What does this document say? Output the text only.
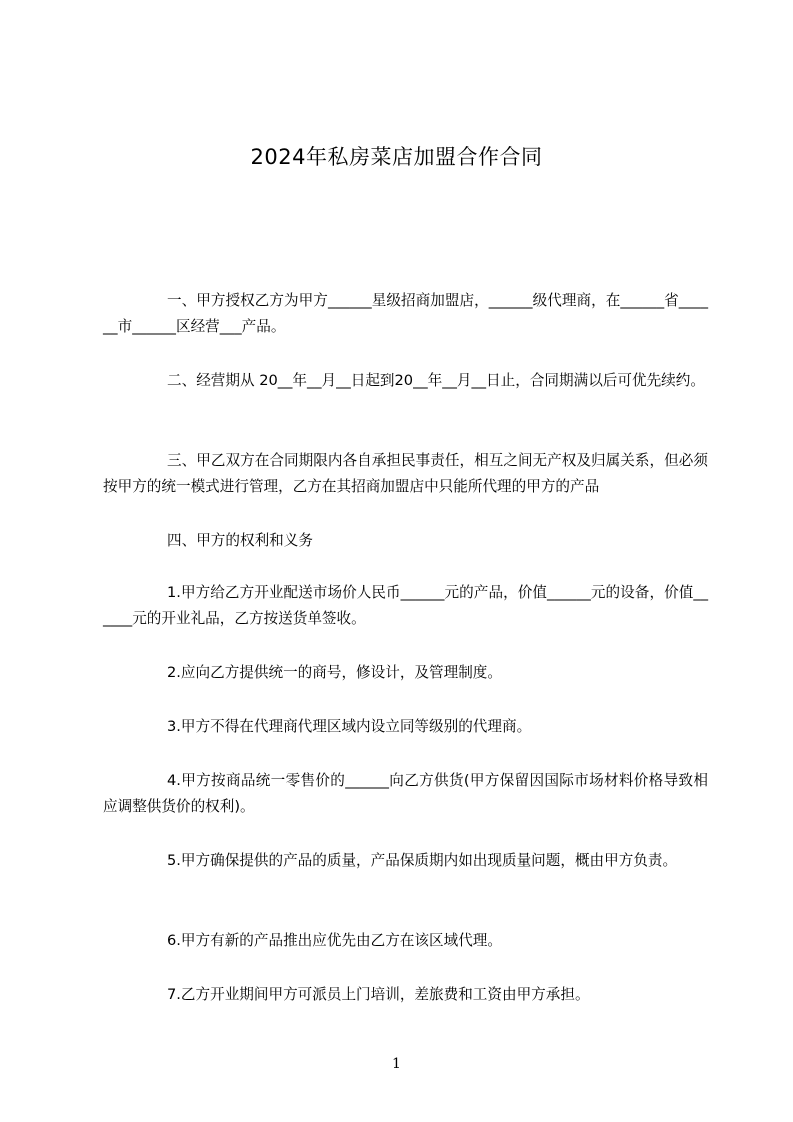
2024年私房菜店加盟合作合同
一、甲方授权乙方为甲方______星级招商加盟店，______级代理商，在______省______市______区经营___产品。
二、经营期从 20__年__月__日起到20__年__月__日止，合同期满以后可优先续约。
三、甲乙双方在合同期限内各自承担民事责任，相互之间无产权及归属关系，但必须按甲方的统一模式进行管理，乙方在其招商加盟店中只能所代理的甲方的产品
四、甲方的权利和义务
1.甲方给乙方开业配送市场价人民币______元的产品，价值______元的设备，价值______元的开业礼品，乙方按送货单签收。
2.应向乙方提供统一的商号，修设计，及管理制度。
3.甲方不得在代理商代理区域内设立同等级别的代理商。
4.甲方按商品统一零售价的______向乙方供货(甲方保留因国际市场材料价格导致相应调整供货价的权利)。
5.甲方确保提供的产品的质量，产品保质期内如出现质量问题，概由甲方负责。
6.甲方有新的产品推出应优先由乙方在该区域代理。
7.乙方开业期间甲方可派员上门培训，差旅费和工资由甲方承担。
1
